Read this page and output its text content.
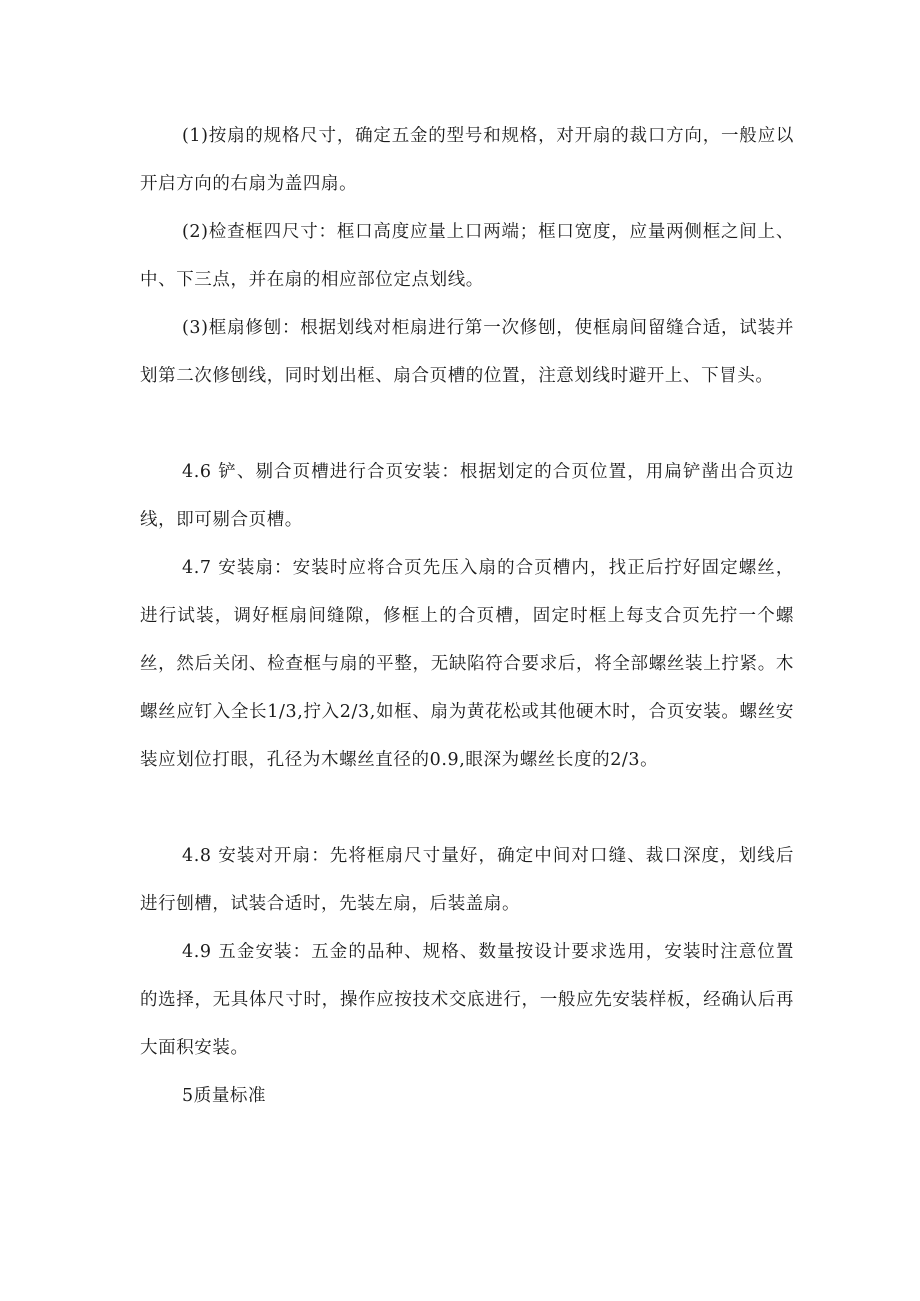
(1)按扇的规格尺寸，确定五金的型号和规格，对开扇的裁口方向，一般应以开启方向的右扇为盖四扇。

(2)检查框四尺寸：框口高度应量上口两端；框口宽度，应量两侧框之间上、中、下三点，并在扇的相应部位定点划线。

(3)框扇修刨：根据划线对柜扇进行第一次修刨，使框扇间留缝合适，试装并划第二次修刨线，同时划出框、扇合页槽的位置，注意划线时避开上、下冒头。

4.6 铲、剔合页槽进行合页安装：根据划定的合页位置，用扁铲凿出合页边线，即可剔合页槽。

4.7 安装扇：安装时应将合页先压入扇的合页槽内，找正后拧好固定螺丝，进行试装，调好框扇间缝隙，修框上的合页槽，固定时框上每支合页先拧一个螺丝，然后关闭、检查框与扇的平整，无缺陷符合要求后，将全部螺丝装上拧紧。木螺丝应钉入全长1/3,拧入2/3,如框、扇为黄花松或其他硬木时，合页安装。螺丝安装应划位打眼，孔径为木螺丝直径的0.9,眼深为螺丝长度的2/3。

4.8 安装对开扇：先将框扇尺寸量好，确定中间对口缝、裁口深度，划线后进行刨槽，试装合适时，先装左扇，后装盖扇。

4.9 五金安装：五金的品种、规格、数量按设计要求选用，安装时注意位置的选择，无具体尺寸时，操作应按技术交底进行，一般应先安装样板，经确认后再大面积安装。

5质量标准
